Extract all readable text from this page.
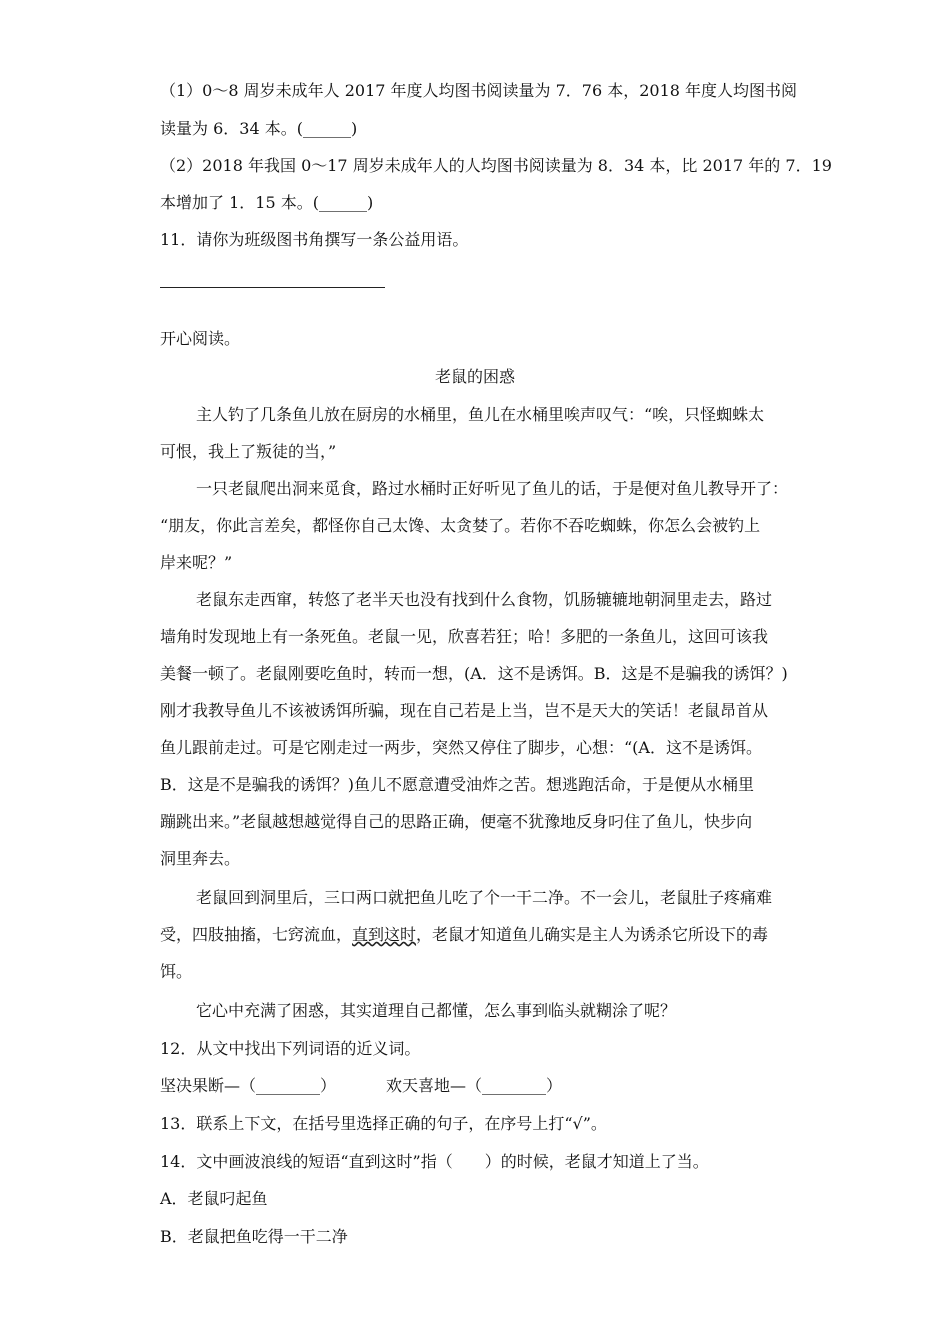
（1）0～8 周岁未成年人 2017 年度人均图书阅读量为 7．76 本，2018 年度人均图书阅
读量为 6．34 本。(______)
（2）2018 年我国 0～17 周岁未成年人的人均图书阅读量为 8．34 本，比 2017 年的 7．19
本增加了 1．15 本。(______)
11．请你为班级图书角撰写一条公益用语。
开心阅读。
老鼠的困惑
主人钓了几条鱼儿放在厨房的水桶里，鱼儿在水桶里唉声叹气：“唉，只怪蜘蛛太
可恨，我上了叛徒的当，”
一只老鼠爬出洞来觅食，路过水桶时正好听见了鱼儿的话，于是便对鱼儿教导开了：
“朋友，你此言差矣，都怪你自己太馋、太贪婪了。若你不吞吃蜘蛛，你怎么会被钓上
岸来呢？”
老鼠东走西窜，转悠了老半天也没有找到什么食物，饥肠辘辘地朝洞里走去，路过
墙角时发现地上有一条死鱼。老鼠一见，欣喜若狂；哈！多肥的一条鱼儿，这回可该我
美餐一顿了。老鼠刚要吃鱼时，转而一想，(A．这不是诱饵。B．这是不是骗我的诱饵？)
刚才我教导鱼儿不该被诱饵所骗，现在自己若是上当，岂不是天大的笑话！老鼠昂首从
鱼儿跟前走过。可是它刚走过一两步，突然又停住了脚步，心想：“(A．这不是诱饵。
B．这是不是骗我的诱饵？)鱼儿不愿意遭受油炸之苦。想逃跑活命，于是便从水桶里
蹦跳出来。”老鼠越想越觉得自己的思路正确，便毫不犹豫地反身叼住了鱼儿，快步向
洞里奔去。
老鼠回到洞里后，三口两口就把鱼儿吃了个一干二净。不一会儿，老鼠肚子疼痛难
受，四肢抽搐，七窍流血，直到这时，老鼠才知道鱼儿确实是主人为诱杀它所设下的毒
饵。
它心中充满了困惑，其实道理自己都懂，怎么事到临头就糊涂了呢？
12．从文中找出下列词语的近义词。
坚决果断—（________）	欢天喜地—（________）
13．联系上下文，在括号里选择正确的句子，在序号上打“√”。
14．文中画波浪线的短语“直到这时”指（　　）的时候，老鼠才知道上了当。
A．老鼠叼起鱼
B．老鼠把鱼吃得一干二净
